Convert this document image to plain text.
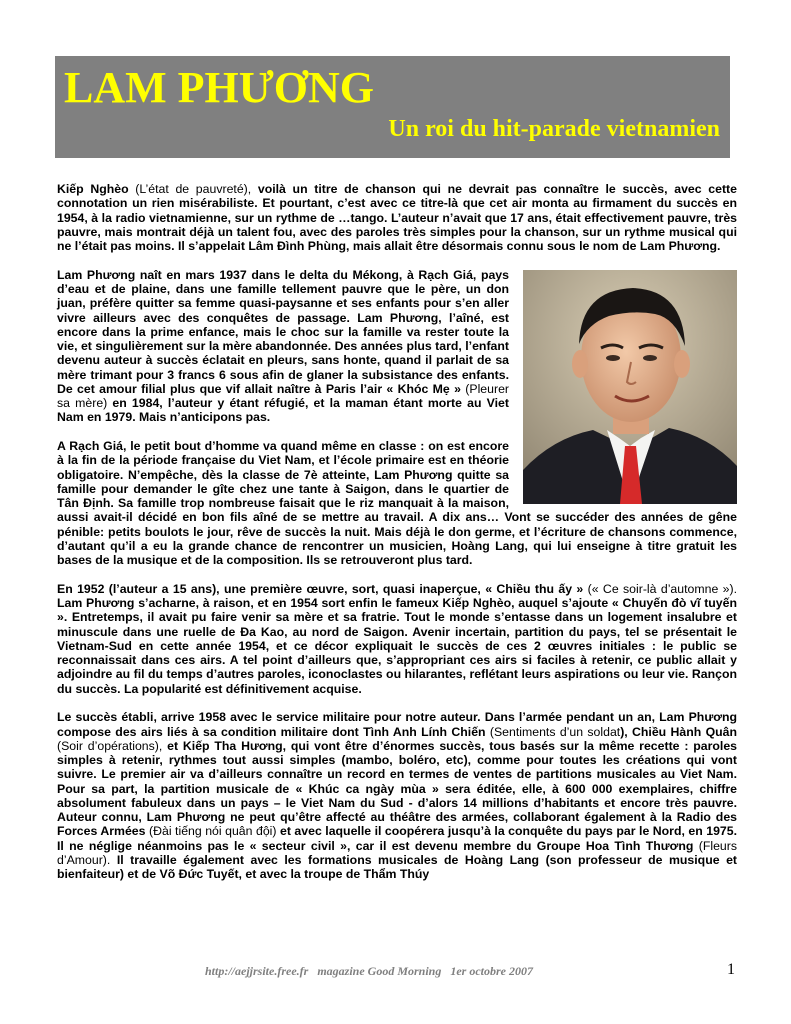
LAM PHƯƠNG
Un roi du hit-parade vietnamien

Kiếp Nghèo (L’état de pauvreté), voilà un titre de chanson qui ne devrait pas connaître le succès, avec cette connotation un rien misérabiliste. Et pourtant, c’est avec ce titre-là que cet air monta au firmament du succès en 1954, à la radio vietnamienne, sur un rythme de …tango. L’auteur n’avait que 17 ans, était effectivement pauvre, très pauvre, mais montrait déjà un talent fou, avec des paroles très simples pour la chanson, sur un rythme musical qui ne l’était pas moins. Il s’appelait Lâm Đình Phùng, mais allait être désormais connu sous le nom de Lam Phương.

Lam Phương naît en mars 1937 dans le delta du Mékong, à Rạch Giá, pays d’eau et de plaine, dans une famille tellement pauvre que le père, un don juan, préfère quitter sa femme quasi-paysanne et ses enfants pour s’en aller vivre ailleurs avec des conquêtes de passage. Lam Phương, l’aîné, est encore dans la prime enfance, mais le choc sur la famille va rester toute la vie, et singulièrement sur la mère abandonnée. Des années plus tard, l’enfant devenu auteur à succès éclatait en pleurs, sans honte, quand il parlait de sa mère trimant pour 3 francs 6 sous afin de glaner la subsistance des enfants. De cet amour filial plus que vif allait naître à Paris l’air « Khóc Mẹ » (Pleurer sa mère) en 1984, l’auteur y étant réfugié, et la maman étant morte au Viet Nam en 1979. Mais n’anticipons pas.

A Rạch Giá, le petit bout d’homme va quand même en classe : on est encore à la fin de la période française du Viet Nam, et l’école primaire est en théorie obligatoire. N’empêche, dès la classe de 7è atteinte, Lam Phương quitte sa famille pour demander le gîte chez une tante à Saigon, dans le quartier de Tân Định. Sa famille trop nombreuse faisait que le riz manquait à la maison, aussi avait-il décidé en bon fils aîné de se mettre au travail. A dix ans… Vont se succéder des années de gêne pénible: petits boulots le jour, rêve de succès la nuit. Mais déjà le don germe, et l’écriture de chansons commence, d’autant qu’il a eu la grande chance de rencontrer un musicien, Hoàng Lang, qui lui enseigne à titre gratuit les bases de la musique et de la composition. Ils se retrouveront plus tard.

En 1952 (l’auteur a 15 ans), une première œuvre, sort, quasi inaperçue, « Chiều thu ấy » (« Ce soir-là d’automne »). Lam Phương s’acharne, à raison, et en 1954 sort enfin le fameux Kiếp Nghèo, auquel s’ajoute « Chuyến đò vĩ tuyến ». Entretemps, il avait pu faire venir sa mère et sa fratrie. Tout le monde s’entasse dans un logement insalubre et minuscule dans une ruelle de Đa Kao, au nord de Saigon. Avenir incertain, partition du pays, tel se présentait le Vietnam-Sud en cette année 1954, et ce décor expliquait le succès de ces 2 œuvres initiales : le public se reconnaissait dans ces airs. A tel point d’ailleurs que, s’appropriant ces airs si faciles à retenir, ce public allait y adjoindre au fil du temps d’autres paroles, iconoclastes ou hilarantes, reflétant leurs aspirations ou leur vie. Rançon du succès. La popularité est définitivement acquise.

Le succès établi, arrive 1958 avec le service militaire pour notre auteur. Dans l’armée pendant un an, Lam Phương compose des airs liés à sa condition militaire dont Tình Anh Lính Chiến (Sentiments d’un soldat), Chiều Hành Quân (Soir d’opérations), et Kiếp Tha Hương, qui vont être d’énormes succès, tous basés sur la même recette : paroles simples à retenir, rythmes tout aussi simples (mambo, boléro, etc), comme pour toutes les créations qui vont suivre. Le premier air va d’ailleurs connaître un record en termes de ventes de partitions musicales au Viet Nam. Pour sa part, la partition musicale de « Khúc ca ngày mùa » sera éditée, elle, à 600 000 exemplaires, chiffre absolument fabuleux dans un pays – le Viet Nam du Sud - d’alors 14 millions d’habitants et encore très pauvre. Auteur connu, Lam Phương ne peut qu’être affecté au théâtre des armées, collaborant également à la Radio des Forces Armées (Đài tiếng nói quân đội) et avec laquelle il coopérera jusqu’à la conquête du pays par le Nord, en 1975. Il ne néglige néanmoins pas le « secteur civil », car il est devenu membre du Groupe Hoa Tình Thương (Fleurs d’Amour). Il travaille également avec les formations musicales de Hoàng Lang (son professeur de musique et bienfaiteur) et de Võ Đức Tuyết, et avec la troupe de Thẩm Thúy

http://aejjrsite.free.fr   magazine Good Morning   1er octobre 2007	1
